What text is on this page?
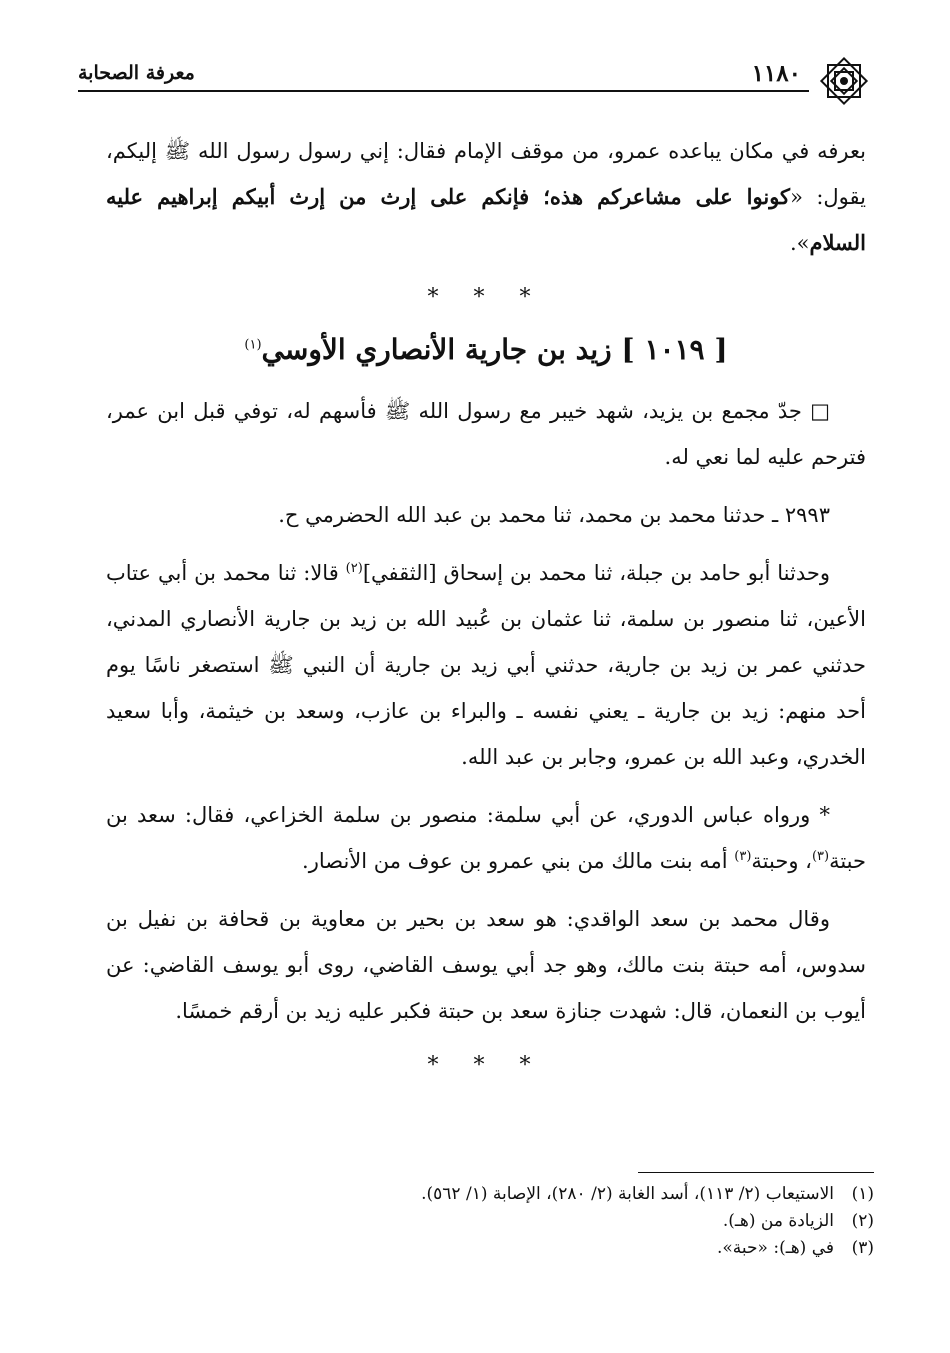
١١٨٠
معرفة الصحابة

بعرفه في مكان يباعده عمرو، من موقف الإمام فقال: إني رسول رسول الله ﷺ إليكم، يقول: «كونوا على مشاعركم هذه؛ فإنكم على إرث من إرث أبيكم إبراهيم عليه السلام».

* * *
[ ١٠١٩ ] زيد بن جارية الأنصاري الأوسي$^{(١)}$

□ جدّ مجمع بن يزيد، شهد خيبر مع رسول الله ﷺ فأسهم له، توفي قبل ابن عمر، فترحم عليه لما نعي له.

٢٩٩٣ ـ حدثنا محمد بن محمد، ثنا محمد بن عبد الله الحضرمي ح.

وحدثنا أبو حامد بن جبلة، ثنا محمد بن إسحاق [الثقفي]$^{(٢)}$ قالا: ثنا محمد بن أبي عتاب الأعين، ثنا منصور بن سلمة، ثنا عثمان بن عُبيد الله بن زيد بن جارية الأنصاري المدني، حدثني عمر بن زيد بن جارية، حدثني أبي زيد بن جارية أن النبي ﷺ استصغر ناسًا يوم أحد منهم: زيد بن جارية ـ يعني نفسه ـ والبراء بن عازب، وسعد بن خيثمة، وأبا سعيد الخدري، وعبد الله بن عمرو، وجابر بن عبد الله.

* ورواه عباس الدوري، عن أبي سلمة: منصور بن سلمة الخزاعي، فقال: سعد بن حبتة$^{(٣)}$، وحبتة$^{(٣)}$ أمه بنت مالك من بني عمرو بن عوف من الأنصار.

وقال محمد بن سعد الواقدي: هو سعد بن بحير بن معاوية بن قحافة بن نفيل بن سدوس، أمه حبتة بنت مالك، وهو جد أبي يوسف القاضي، روى أبو يوسف القاضي: عن أيوب بن النعمان، قال: شهدت جنازة سعد بن حبتة فكبر عليه زيد بن أرقم خمسًا.

* * *
(١)الاستيعاب (٢/ ١١٣)، أسد الغابة (٢/ ٢٨٠)، الإصابة (١/ ٥٦٢).
(٢)الزيادة من (هـ).
(٣)في (هـ): «حبة».
